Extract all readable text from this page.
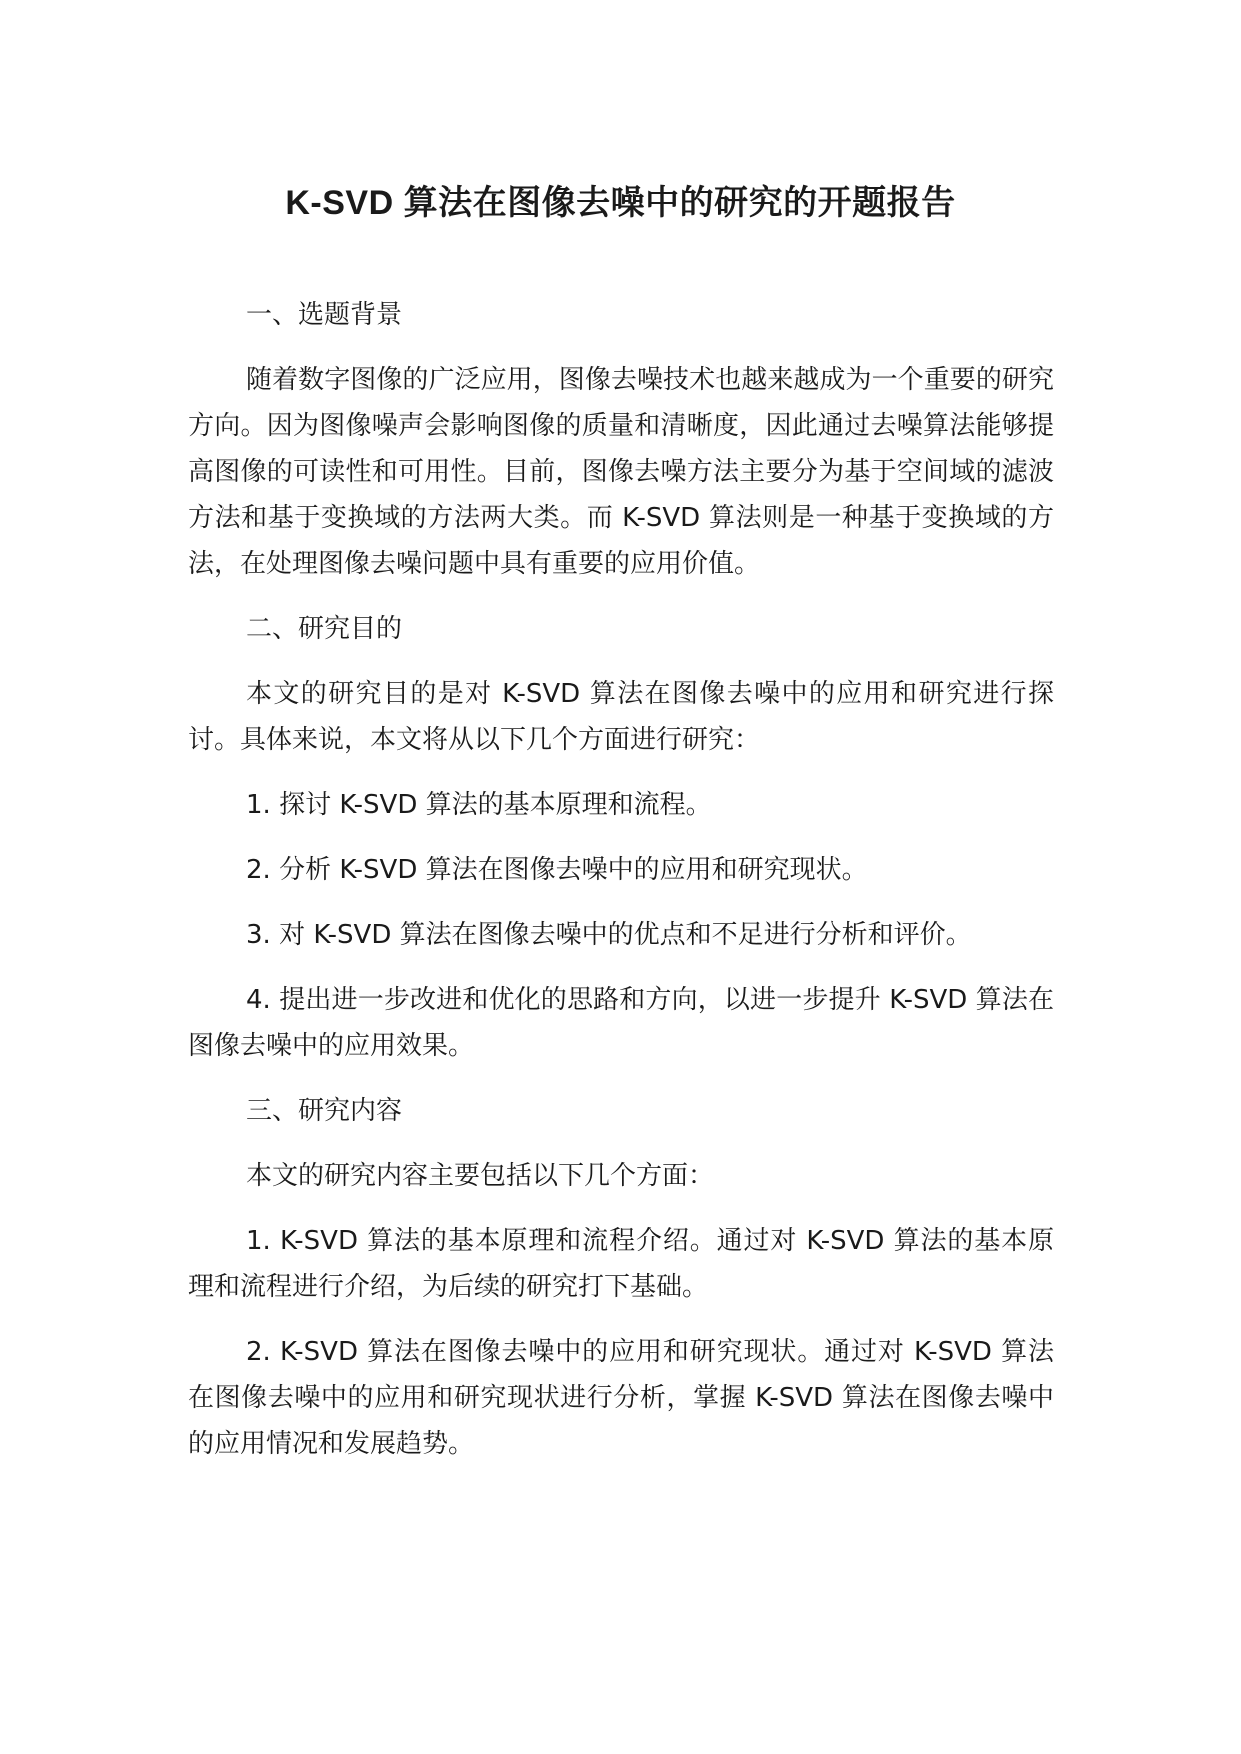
K-SVD 算法在图像去噪中的研究的开题报告

一、选题背景

随着数字图像的广泛应用，图像去噪技术也越来越成为一个重要的研究方向。因为图像噪声会影响图像的质量和清晰度，因此通过去噪算法能够提高图像的可读性和可用性。目前，图像去噪方法主要分为基于空间域的滤波方法和基于变换域的方法两大类。而 K-SVD 算法则是一种基于变换域的方法，在处理图像去噪问题中具有重要的应用价值。

二、研究目的

本文的研究目的是对 K-SVD 算法在图像去噪中的应用和研究进行探讨。具体来说，本文将从以下几个方面进行研究：

1. 探讨 K-SVD 算法的基本原理和流程。

2. 分析 K-SVD 算法在图像去噪中的应用和研究现状。

3. 对 K-SVD 算法在图像去噪中的优点和不足进行分析和评价。

4. 提出进一步改进和优化的思路和方向，以进一步提升 K-SVD 算法在图像去噪中的应用效果。

三、研究内容

本文的研究内容主要包括以下几个方面：

1. K-SVD 算法的基本原理和流程介绍。通过对 K-SVD 算法的基本原理和流程进行介绍，为后续的研究打下基础。

2. K-SVD 算法在图像去噪中的应用和研究现状。通过对 K-SVD 算法在图像去噪中的应用和研究现状进行分析，掌握 K-SVD 算法在图像去噪中的应用情况和发展趋势。
